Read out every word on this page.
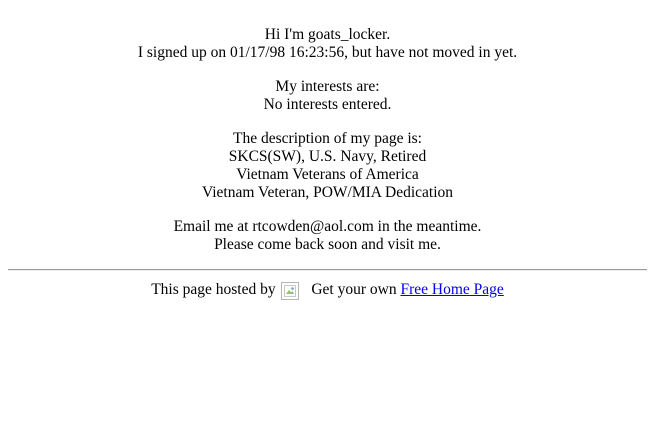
Hi I'm goats_locker.
I signed up on 01/17/98 16:23:56, but have not moved in yet.

My interests are:
No interests entered.

The description of my page is:
SKCS(SW), U.S. Navy, Retired
Vietnam Veterans of America
Vietnam Veteran, POW/MIA Dedication

Email me at rtcowden@aol.com in the meantime.
Please come back soon and visit me.

This page hosted by Get your own Free Home Page
